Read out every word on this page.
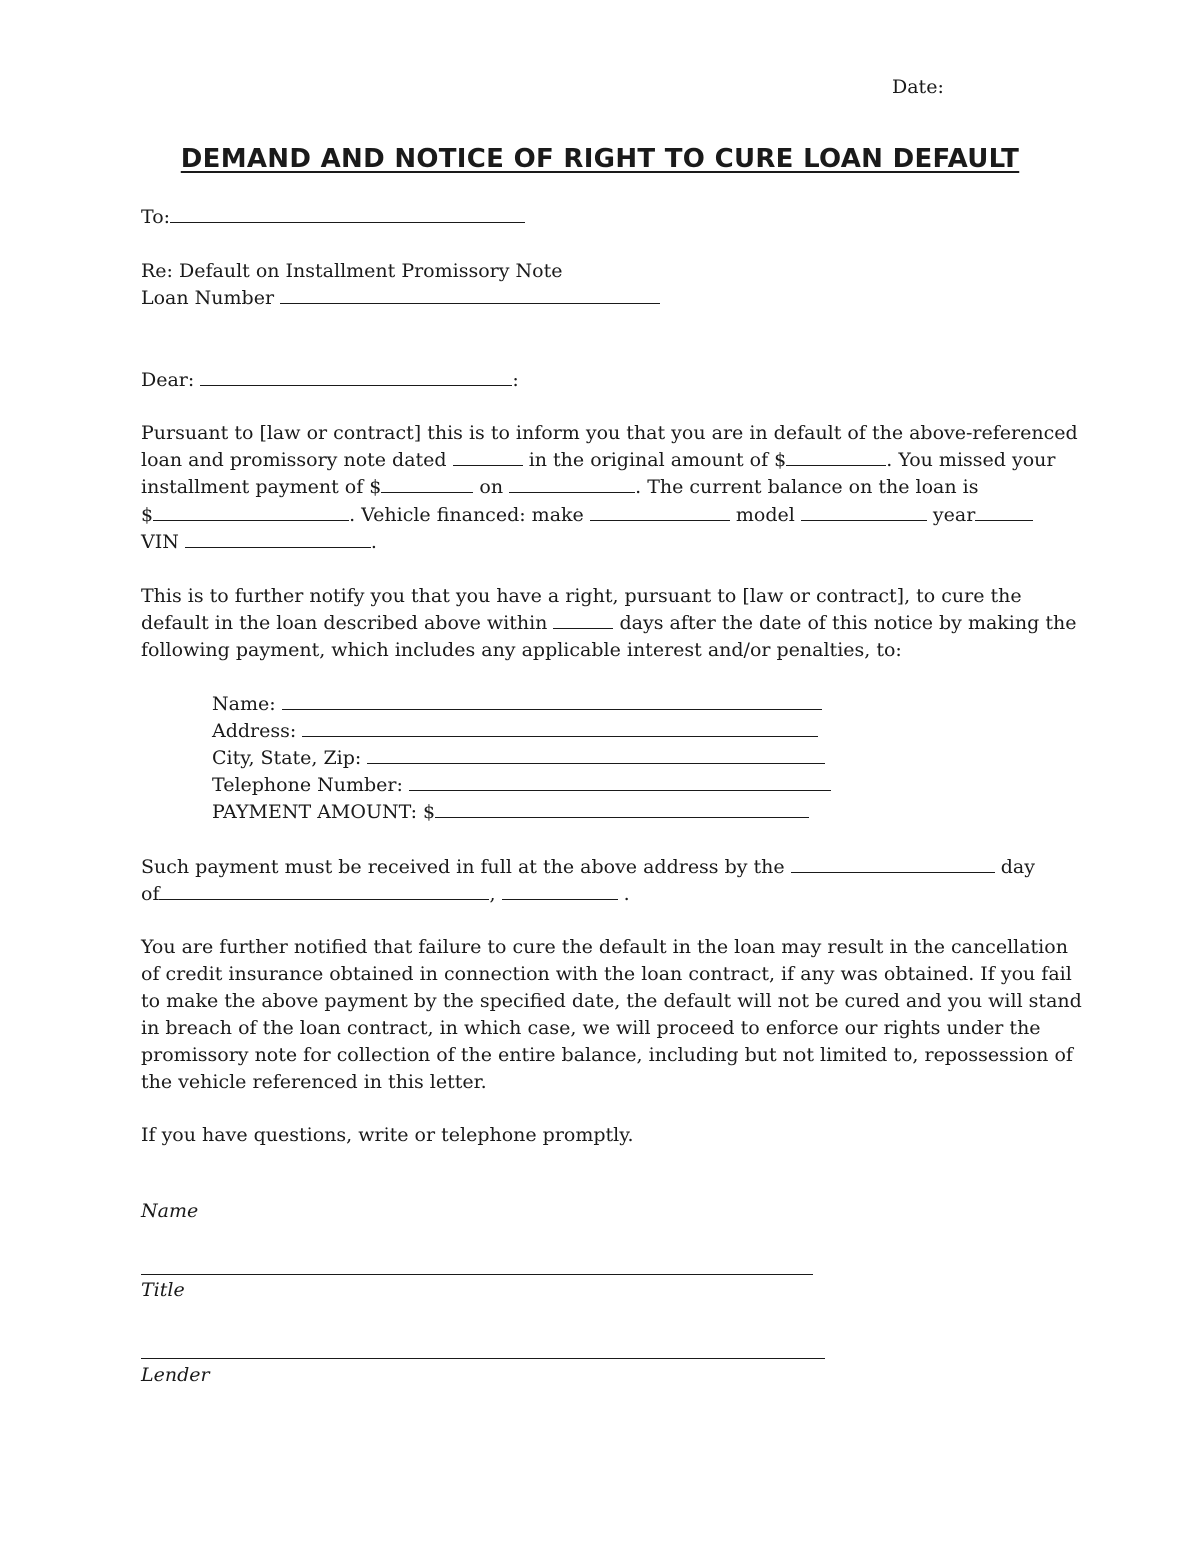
Date:
DEMAND AND NOTICE OF RIGHT TO CURE LOAN DEFAULT
To:
Re: Default on Installment Promissory Note
Loan Number
Dear:	:
Pursuant to [law or contract] this is to inform you that you are in default of the above-referenced
loan and promissory note dated	in the original amount of $	. You missed your
installment payment of $	on	. The current balance on the loan is
$	. Vehicle financed: make	model	year
VIN	.
This is to further notify you that you have a right, pursuant to [law or contract], to cure the
default in the loan described above within	days after the date of this notice by making the
following payment, which includes any applicable interest and/or penalties, to:
Name:
Address:
City, State, Zip:
Telephone Number:
PAYMENT AMOUNT: $
Such payment must be received in full at the above address by the	day
of	,	.
You are further notified that failure to cure the default in the loan may result in the cancellation
of credit insurance obtained in connection with the loan contract, if any was obtained. If you fail
to make the above payment by the specified date, the default will not be cured and you will stand
in breach of the loan contract, in which case, we will proceed to enforce our rights under the
promissory note for collection of the entire balance, including but not limited to, repossession of
the vehicle referenced in this letter.
If you have questions, write or telephone promptly.
Name
Title
Lender
